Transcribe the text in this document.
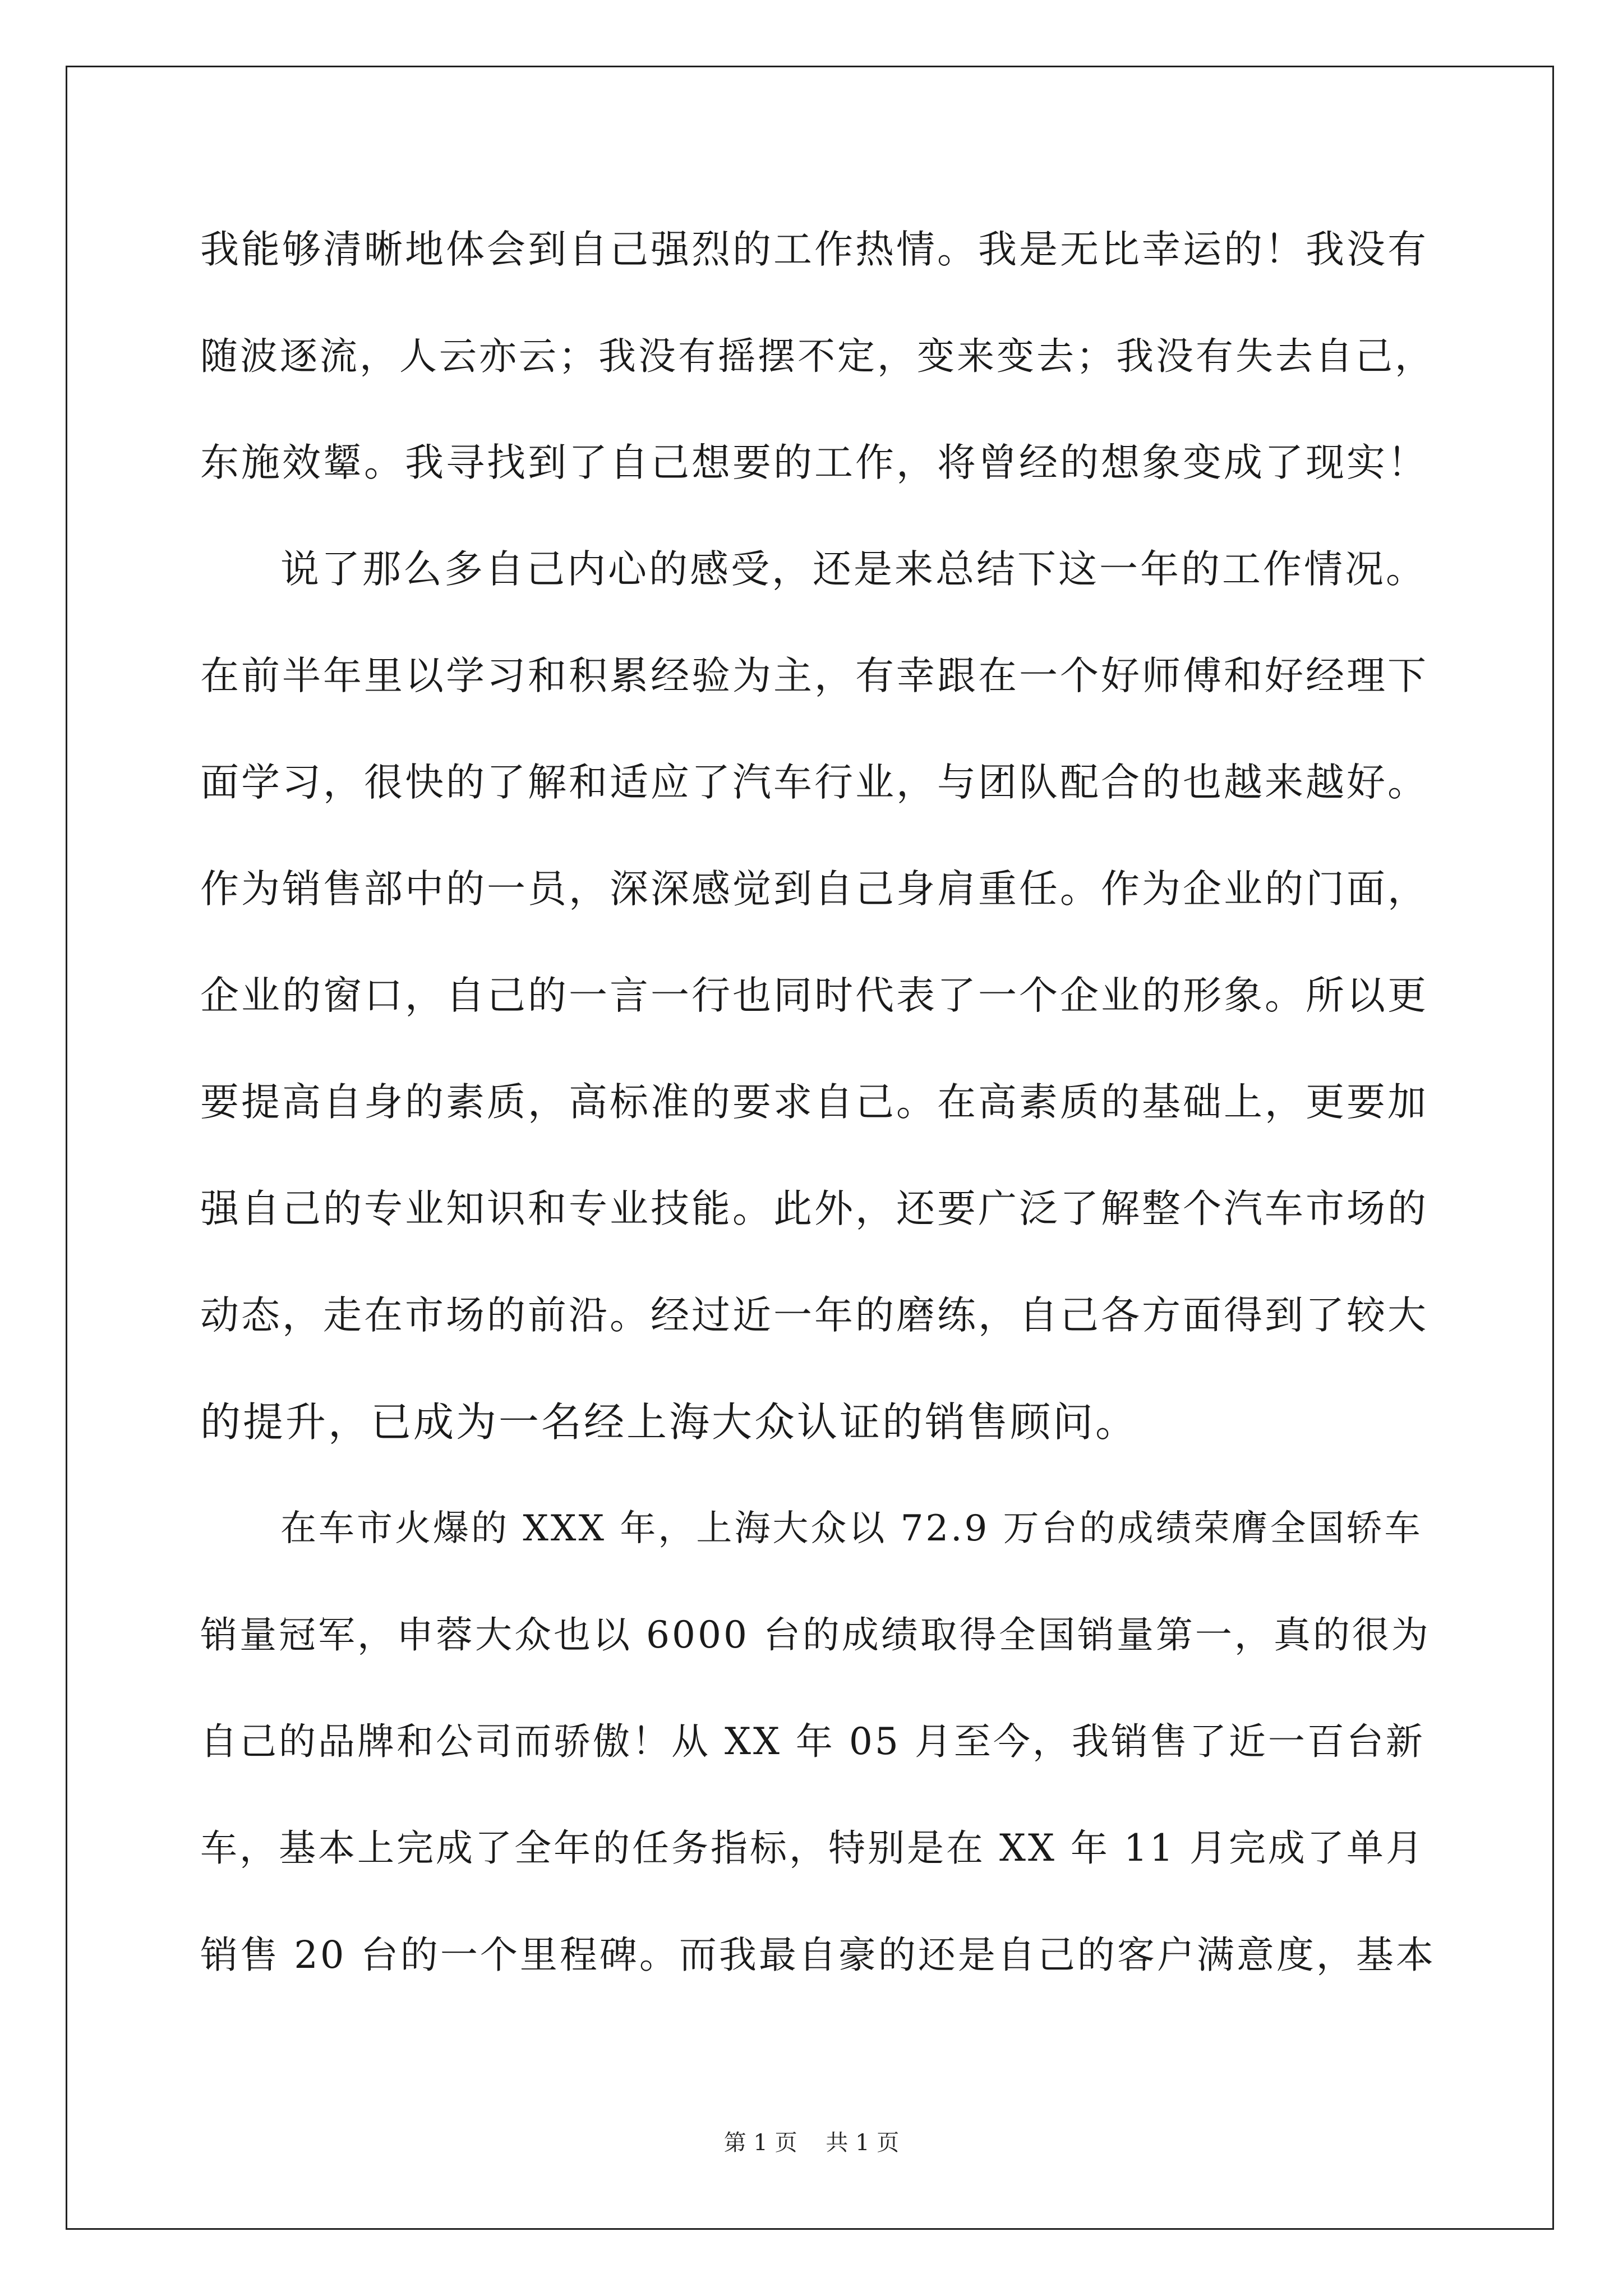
我能够清晰地体会到自己强烈的工作热情。我是无比幸运的！我没有
随波逐流，人云亦云；我没有摇摆不定，变来变去；我没有失去自己，
东施效颦。我寻找到了自己想要的工作，将曾经的想象变成了现实！
说了那么多自己内心的感受，还是来总结下这一年的工作情况。
在前半年里以学习和积累经验为主，有幸跟在一个好师傅和好经理下
面学习，很快的了解和适应了汽车行业，与团队配合的也越来越好。
作为销售部中的一员，深深感觉到自己身肩重任。作为企业的门面，
企业的窗口，自己的一言一行也同时代表了一个企业的形象。所以更
要提高自身的素质，高标准的要求自己。在高素质的基础上，更要加
强自己的专业知识和专业技能。此外，还要广泛了解整个汽车市场的
动态，走在市场的前沿。经过近一年的磨练，自己各方面得到了较大
的提升，已成为一名经上海大众认证的销售顾问。
在车市火爆的 XXX 年，上海大众以 72.9 万台的成绩荣膺全国轿车
销量冠军，申蓉大众也以 6000 台的成绩取得全国销量第一，真的很为
自己的品牌和公司而骄傲！从 XX 年 05 月至今，我销售了近一百台新
车，基本上完成了全年的任务指标，特别是在 XX 年 11 月完成了单月
销售 20 台的一个里程碑。而我最自豪的还是自己的客户满意度，基本
第 1 页    共 1 页
